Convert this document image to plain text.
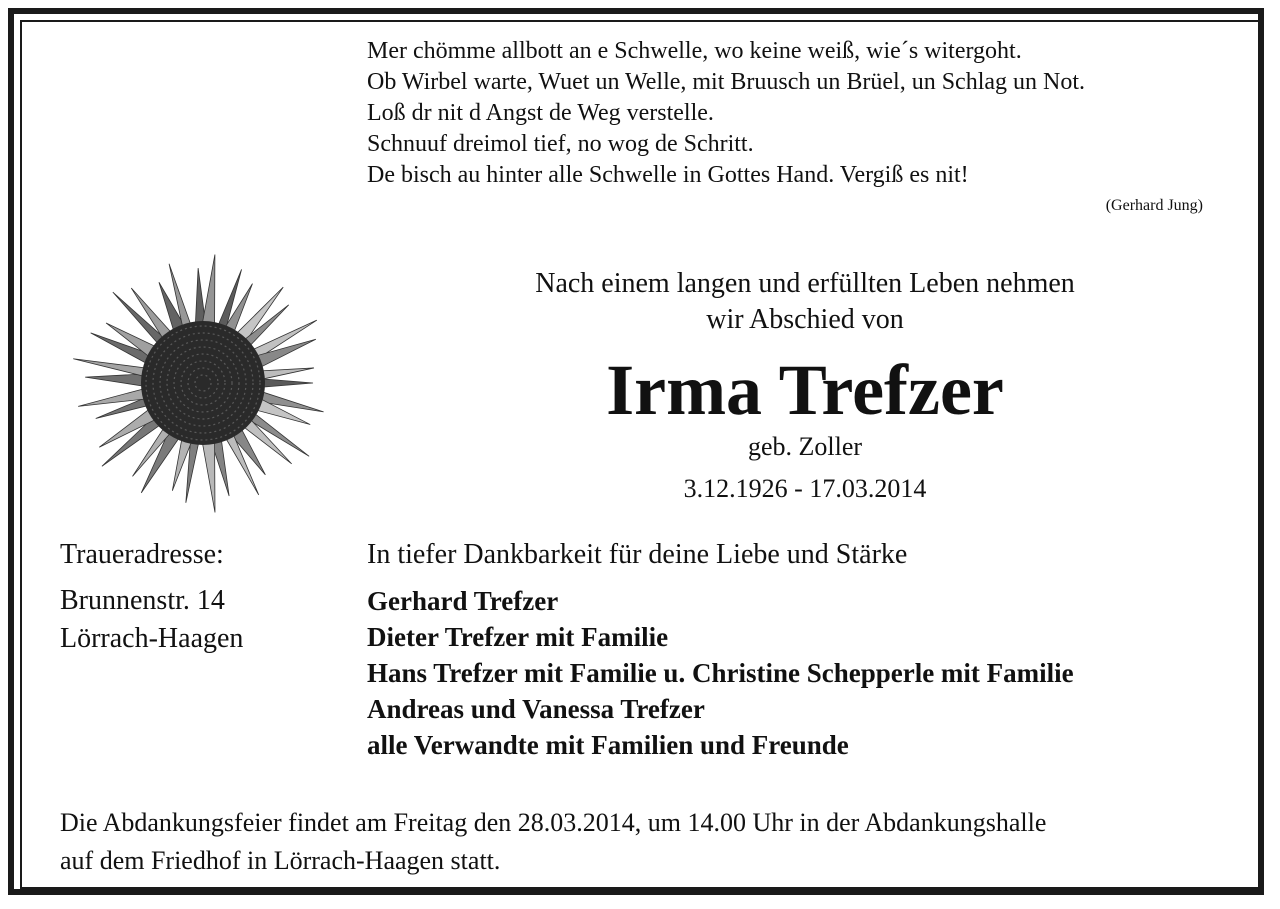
Mer chömme allbott an e Schwelle, wo keine weiß, wie´s witergoht.
Ob Wirbel warte, Wuet un Welle, mit Bruusch un Brüel, un Schlag un Not.
Loß dr nit d Angst de Weg verstelle.
Schnuuf dreimol tief, no wog de Schritt.
De bisch au hinter alle Schwelle in Gottes Hand. Vergiß es nit!
(Gerhard Jung)
Nach einem langen und erfüllten Leben nehmen
wir Abschied von
Irma Trefzer
geb. Zoller
3.12.1926 - 17.03.2014
Traueradresse:
Brunnenstr. 14
Lörrach-Haagen
In tiefer Dankbarkeit für deine Liebe und Stärke
Gerhard Trefzer
Dieter Trefzer mit Familie
Hans Trefzer mit Familie u. Christine Schepperle mit Familie
Andreas und Vanessa Trefzer
alle Verwandte mit Familien und Freunde
Die Abdankungsfeier findet am Freitag den 28.03.2014, um 14.00 Uhr in der Abdankungshalle
auf dem Friedhof in Lörrach-Haagen statt.
